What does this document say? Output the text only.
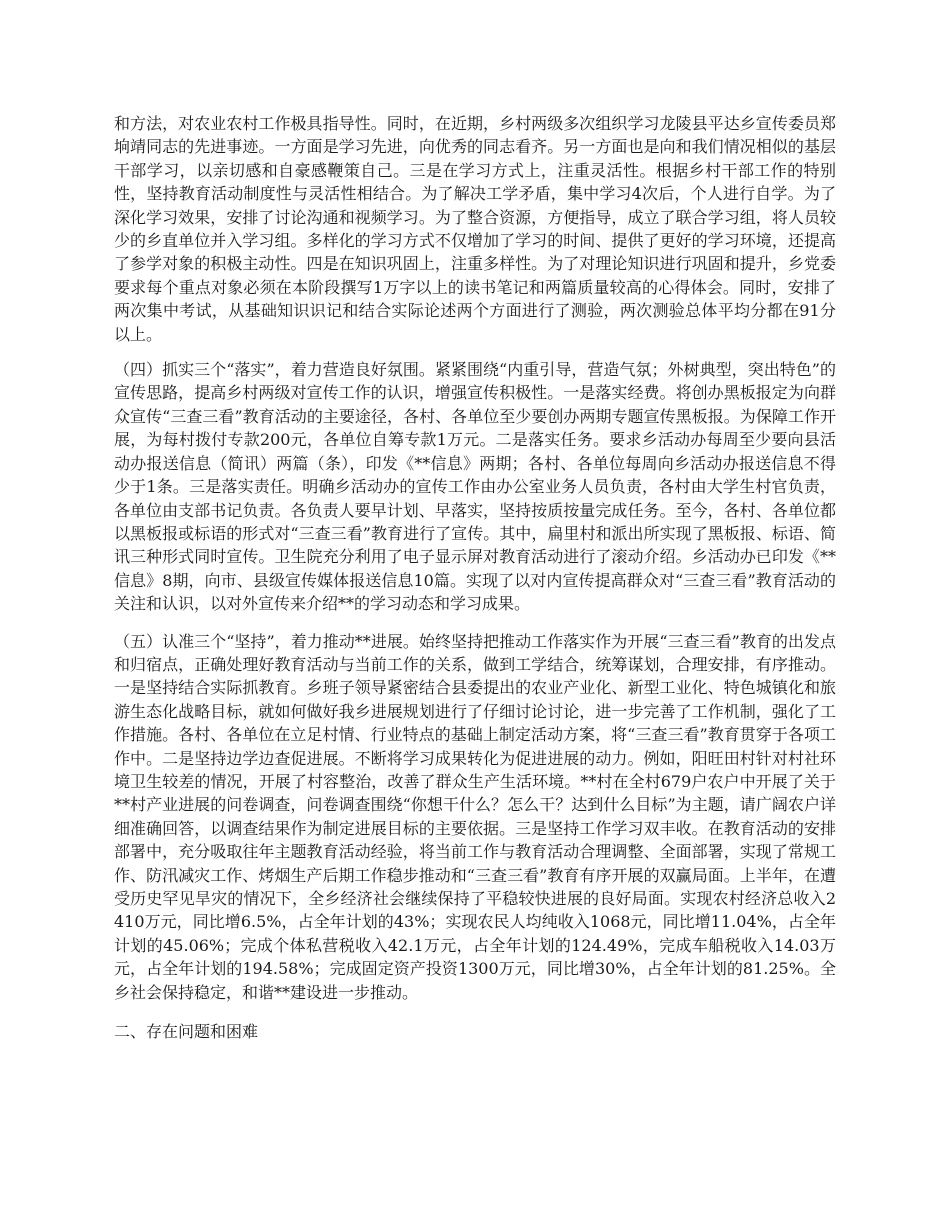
和方法，对农业农村工作极具指导性。同时，在近期，乡村两级多次组织学习龙陵县平达乡宣传委员郑垧靖同志的先进事迹。一方面是学习先进，向优秀的同志看齐。另一方面也是向和我们情况相似的基层干部学习，以亲切感和自豪感鞭策自己。三是在学习方式上，注重灵活性。根据乡村干部工作的特别性，坚持教育活动制度性与灵活性相结合。为了解决工学矛盾，集中学习4次后，个人进行自学。为了深化学习效果，安排了讨论沟通和视频学习。为了整合资源，方便指导，成立了联合学习组，将人员较少的乡直单位并入学习组。多样化的学习方式不仅增加了学习的时间、提供了更好的学习环境，还提高了参学对象的积极主动性。四是在知识巩固上，注重多样性。为了对理论知识进行巩固和提升，乡党委要求每个重点对象必须在本阶段撰写1万字以上的读书笔记和两篇质量较高的心得体会。同时，安排了两次集中考试，从基础知识识记和结合实际论述两个方面进行了测验，两次测验总体平均分都在91分以上。

（四）抓实三个“落实”，着力营造良好氛围。紧紧围绕“内重引导，营造气氛；外树典型，突出特色”的宣传思路，提高乡村两级对宣传工作的认识，增强宣传积极性。一是落实经费。将创办黑板报定为向群众宣传“三查三看”教育活动的主要途径，各村、各单位至少要创办两期专题宣传黑板报。为保障工作开展，为每村拨付专款200元，各单位自筹专款1万元。二是落实任务。要求乡活动办每周至少要向县活动办报送信息（简讯）两篇（条），印发《**信息》两期；各村、各单位每周向乡活动办报送信息不得少于1条。三是落实责任。明确乡活动办的宣传工作由办公室业务人员负责，各村由大学生村官负责，各单位由支部书记负责。各负责人要早计划、早落实，坚持按质按量完成任务。至今，各村、各单位都以黑板报或标语的形式对“三查三看”教育进行了宣传。其中，扁里村和派出所实现了黑板报、标语、简讯三种形式同时宣传。卫生院充分利用了电子显示屏对教育活动进行了滚动介绍。乡活动办已印发《**信息》8期，向市、县级宣传媒体报送信息10篇。实现了以对内宣传提高群众对“三查三看”教育活动的关注和认识，以对外宣传来介绍**的学习动态和学习成果。

（五）认准三个“坚持”，着力推动**进展。始终坚持把推动工作落实作为开展“三查三看”教育的出发点和归宿点，正确处理好教育活动与当前工作的关系，做到工学结合，统筹谋划，合理安排，有序推动。一是坚持结合实际抓教育。乡班子领导紧密结合县委提出的农业产业化、新型工业化、特色城镇化和旅游生态化战略目标，就如何做好我乡进展规划进行了仔细讨论讨论，进一步完善了工作机制，强化了工作措施。各村、各单位在立足村情、行业特点的基础上制定活动方案，将“三查三看”教育贯穿于各项工作中。二是坚持边学边查促进展。不断将学习成果转化为促进进展的动力。例如，阳旺田村针对村社环境卫生较差的情况，开展了村容整治，改善了群众生产生活环境。**村在全村679户农户中开展了关于**村产业进展的问卷调查，问卷调查围绕“你想干什么？怎么干？达到什么目标”为主题，请广阔农户详细准确回答，以调查结果作为制定进展目标的主要依据。三是坚持工作学习双丰收。在教育活动的安排部署中，充分吸取往年主题教育活动经验，将当前工作与教育活动合理调整、全面部署，实现了常规工作、防汛减灾工作、烤烟生产后期工作稳步推动和“三查三看”教育有序开展的双赢局面。上半年，在遭受历史罕见旱灾的情况下，全乡经济社会继续保持了平稳较快进展的良好局面。实现农村经济总收入2410万元，同比增6.5%，占全年计划的43%；实现农民人均纯收入1068元，同比增11.04%，占全年计划的45.06%；完成个体私营税收入42.1万元，占全年计划的124.49%，完成车船税收入14.03万元，占全年计划的194.58%；完成固定资产投资1300万元，同比增30%，占全年计划的81.25%。全乡社会保持稳定，和谐**建设进一步推动。

二、存在问题和困难
